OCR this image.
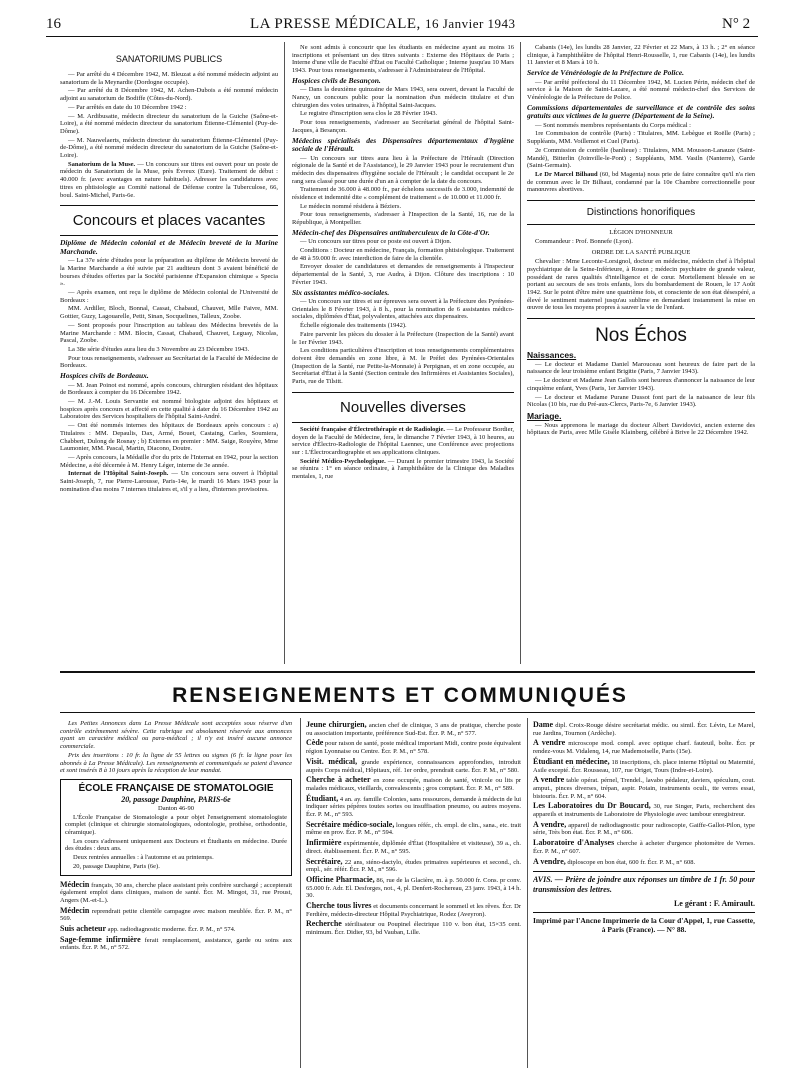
16	LA PRESSE MÉDICALE, 16 Janvier 1943	N° 2
SANATORIUMS PUBLICS

— Par arrêté du 4 Décembre 1942, M. Bleuzat a été nommé médecin adjoint au sanatorium de la Meynardie (Dordogne occupée).

— Par arrêté du 8 Décembre 1942, M. Achen-Dubois a été nommé médecin adjoint au sanatorium de Bodiffe (Côtes-du-Nord).

— Par arrêtés en date du 10 Décembre 1942 :

— M. Ardibusatte, médecin directeur du sanatorium de la Guiche (Saône-et-Loire), a été nommé médecin directeur du sanatorium Étienne-Clémentel (Puy-de-Dôme).

— M. Nauwelaerts, médecin directeur du sanatorium Étienne-Clémentel (Puy-de-Dôme), a été nommé médecin directeur du sanatorium de la Guiche (Saône-et-Loire).

Sanatorium de la Muse. — Un concours sur titres est ouvert pour un poste de médecin du Sanatorium de la Muse, près Évreux (Eure). Traitement de début : 40.000 fr. (avec avantages en nature habituels). Adresser les candidatures avec titres en phtisiologie au Comité national de Défense contre la Tuberculose, 66, boul. Saint-Michel, Paris-6e.

Concours et places vacantes

Diplôme de Médecin colonial et de Médecin breveté de la Marine Marchande.

— La 37e série d'études pour la préparation au diplôme de Médecin breveté de la Marine Marchande a été suivie par 21 auditeurs dont 3 avaient bénéficié de bourses d'études offertes par la Société parisienne d'Expansion chimique « Specia ».

— Après examen, ont reçu le diplôme de Médecin colonial de l'Université de Bordeaux :

MM. Ardiller, Bloch, Bonnal, Cassat, Chabaud, Chauvet, Mlle Faivre, MM. Gottier, Guzy, Lagouarelle, Petit, Sinan, Socquelines, Talleux, Zoobe.

— Sont proposés pour l'inscription au tableau des Médecins brevetés de la Marine Marchande : MM. Blocin, Cassat, Chabaud, Chauvet, Leguay, Nicolas, Pascal, Zoobe.

La 38e série d'études aura lieu du 3 Novembre au 23 Décembre 1943.

Pour tous renseignements, s'adresser au Secrétariat de la Faculté de Médecine de Bordeaux.

Hospices civils de Bordeaux.

— M. Jean Poinot est nommé, après concours, chirurgien résidant des hôpitaux de Bordeaux à compter du 16 Décembre 1942.

— M. J.-M. Louis Servantie est nommé biologiste adjoint des hôpitaux et hospices après concours et affecté en cette qualité à dater du 16 Décembre 1942 au Laboratoire des Services hospitaliers de l'hôpital Saint-André.

— Ont été nommés internes des hôpitaux de Bordeaux après concours : a) Titulaires : MM. Depaulis, Dax, Armé, Bouet, Castaing, Carles, Soumiera, Chabbert, Dulong de Rosnay ; b) Externes en premier : MM. Saige, Rouyère, Mme Laumonier, MM. Pascal, Martin, Diacono, Doutre.

— Après concours, la Médaille d'or du prix de l'Internat en 1942, pour la section Médecine, a été décernée à M. Henry Léger, interne de 3e année.

Internat de l'Hôpital Saint-Joseph. — Un concours sera ouvert à l'hôpital Saint-Joseph, 7, rue Pierre-Larousse, Paris-14e, le mardi 16 Mars 1943 pour la nomination d'au moins 7 internes titulaires et, s'il y a lieu, d'internes provisoires.

Ne sont admis à concourir que les étudiants en médecine ayant au moins 16 inscriptions et présentant un des titres suivants : Externe des Hôpitaux de Paris ; Interne d'une ville de Faculté d'État ou Faculté Catholique ; Interne jusqu'au 10 Mars 1943. Pour tous renseignements, s'adresser à l'Administrateur de l'Hôpital.

Hospices civils de Besançon.

— Dans la deuxième quinzaine de Mars 1943, sera ouvert, devant la Faculté de Nancy, un concours public pour la nomination d'un médecin titulaire et d'un chirurgien des voies urinaires, à l'hôpital Saint-Jacques.

Le registre d'inscription sera clos le 28 Février 1943.

Pour tous renseignements, s'adresser au Secrétariat général de l'hôpital Saint-Jacques, à Besançon.

Médecins spécialisés des Dispensaires départementaux d'hygiène sociale de l'Hérault.

— Un concours sur titres aura lieu à la Préfecture de l'Hérault (Direction régionale de la Santé et de l'Assistance), le 29 Janvier 1943 pour le recrutement d'un médecin des dispensaires d'hygiène sociale de l'Hérault ; le candidat occupant le 2e rang sera classé pour une durée d'un an à compter de la date du concours.

Traitement de 36.000 à 48.000 fr., par échelons successifs de 3.000, indemnité de résidence et indemnité dite « complément de traitement » de 10.000 et 11.000 fr.

Le médecin nommé résidera à Béziers.

Pour tous renseignements, s'adresser à l'Inspection de la Santé, 16, rue de la République, à Montpellier.

Médecin-chef des Dispensaires antituberculeux de la Côte-d'Or.

— Un concours sur titres pour ce poste est ouvert à Dijon.

Conditions : Docteur en médecine, Français, formation phtisiologique. Traitement de 48 à 59.000 fr. avec interdiction de faire de la clientèle.

Envoyer dossier de candidatures et demandes de renseignements à l'Inspecteur départemental de la Santé, 3, rue Audra, à Dijon. Clôture des inscriptions : 10 Février 1943.

Six assistantes médico-sociales.

— Un concours sur titres et sur épreuves sera ouvert à la Préfecture des Pyrénées-Orientales le 8 Février 1943, à 8 h., pour la nomination de 6 assistantes médico-sociales, diplômées d'État, polyvalentes, attachées aux dispensaires.

Échelle régionale des traitements (1942).

Faire parvenir les pièces du dossier à la Préfecture (Inspection de la Santé) avant le 1er Février 1943.

Les conditions particulières d'inscription et tous renseignements complémentaires doivent être demandés en zone libre, à M. le Préfet des Pyrénées-Orientales (Inspection de la Santé, rue Petite-la-Monnaie) à Perpignan, et en zone occupée, au Secrétariat d'État à la Santé (Section centrale des Infirmières et Assistantes Sociales), Paris, rue de Tilsitt.

Nouvelles diverses

Société française d'Électrothérapie et de Radiologie. — Le Professeur Bordier, doyen de la Faculté de Médecine, fera, le dimanche 7 Février 1943, à 10 heures, au service d'Électro-Radiologie de l'hôpital Laennec, une Conférence avec projections sur : L'Électrocardiographie et ses applications cliniques.

Société Médico-Psychologique. — Durant le premier trimestre 1943, la Société se réunira : 1° en séance ordinaire, à l'amphithéâtre de la Clinique des Maladies mentales, 1, rue

Cabanis (14e), les lundis 28 Janvier, 22 Février et 22 Mars, à 13 h. ; 2° en séance clinique, à l'amphithéâtre de l'hôpital Henri-Rousselle, 1, rue Cabanis (14e), les lundis 11 Janvier et 8 Mars à 10 h.

Service de Vénéréologie de la Préfecture de Police.

— Par arrêté préfectoral du 11 Décembre 1942, M. Lucien Périn, médecin chef de service à la Maison de Saint-Lazare, a été nommé médecin-chef des Services de Vénéréologie de la Préfecture de Police.

Commissions départementales de surveillance et de contrôle des soins gratuits aux victimes de la guerre (Département de la Seine).

— Sont nommés membres représentants du Corps médical :

1re Commission de contrôle (Paris) : Titulaires, MM. Lebègue et Roëlle (Paris) ; Suppléants, MM. Voillemot et Cuel (Paris).

2e Commission de contrôle (banlieue) : Titulaires, MM. Mousson-Lanauze (Saint-Mandé), Bitterlin (Joinville-le-Pont) ; Suppléants, MM. Vasiln (Nanterre), Garde (Saint-Germain).

Le Dr Marcel Bilhaud (60, bd Magenta) nous prie de faire connaître qu'il n'a rien de commun avec le Dr Bilhaut, condamné par la 10e Chambre correctionnelle pour manœuvres abortives.

Distinctions honorifiques

LÉGION D'HONNEUR

Commandeur : Prof. Bonnefe (Lyon).

ORDRE DE LA SANTÉ PUBLIQUE

Chevalier : Mme Leconte-Lorsignol, docteur en médecine, médecin chef à l'hôpital psychiatrique de la Seine-Inférieure, à Rouen ; médecin psychiatre de grande valeur, possédant de rares qualités d'intelligence et de cœur. Mortellement blessée en se portant au secours de ses trois enfants, lors du bombardement de Rouen, le 17 Août 1942. Sur le point d'être mère une quatrième fois, et consciente de son état désespéré, a élevé le sentiment maternel jusqu'au sublime en demandant instamment la mise en œuvre de tous les moyens propres à sauver la vie de l'enfant.

Nos Échos

Naissances.

— Le docteur et Madame Daniel Marouceau sont heureux de faire part de la naissance de leur troisième enfant Brigitte (Paris, 7 Janvier 1943).

— Le docteur et Madame Jean Gallois sont heureux d'annoncer la naissance de leur cinquième enfant, Yves (Paris, 1er Janvier 1943).

— Le docteur et Madame Purane Dussot font part de la naissance de leur fils Nicolas (10 bis, rue du Pré-aux-Clercs, Paris-7e, 6 Janvier 1943).

Mariage.

— Nous apprenons le mariage du docteur Albert Davidovici, ancien externe des hôpitaux de Paris, avec Mlle Gisèle Klainberg, célébré à Brive le 22 Décembre 1942.

RENSEIGNEMENTS ET COMMUNIQUÉS

Les Petites Annonces dans La Presse Médicale sont acceptées sous réserve d'un contrôle extrêmement sévère. Cette rubrique est absolument réservée aux annonces ayant un caractère médical ou para-médical ; il n'y est inséré aucune annonce commerciale.

Prix des insertions : 10 fr. la ligne de 55 lettres ou signes (6 fr. la ligne pour les abonnés à La Presse Médicale). Les renseignements et communiqués se paient d'avance et sont insérés 8 à 10 jours après la réception de leur mandat.

ÉCOLE FRANÇAISE DE STOMATOLOGIE

20, passage Dauphine, PARIS-6e

Danton 46-90

L'École Française de Stomatologie a pour objet l'enseignement stomatologiste complet (clinique et chirurgie stomatologiques, odontologie, prothèse, orthodontie, céramique).

Les cours s'adressent uniquement aux Docteurs et Étudiants en médecine. Durée des études : deux ans.

Deux rentrées annuelles : à l'automne et au printemps.

20, passage Dauphine, Paris (6e).

Médecin français, 30 ans, cherche place assistant près confrère surchargé ; accepterait également emploi dans cliniques, maison de santé. Écr. M. Mingot, 31, rue Proust, Angers (M.-et-L.).

Médecin reprendrait petite clientèle campagne avec maison meublée. Écr. P. M., n° 569.

Suis acheteur app. radiodiagnostic moderne. Écr. P. M., n° 574.

Sage-femme infirmière ferait remplacement, assistance, garde ou soins aux enfants. Écr. P. M., n° 572.

Jeune chirurgien, ancien chef de clinique, 3 ans de pratique, cherche poste ou association importante, préférence Sud-Est. Écr. P. M., n° 577.

Cède pour raison de santé, poste médical important Midi, contre poste équivalent région Lyonnaise ou Centre. Écr. P. M., n° 578.

Visit. médical, grande expérience, connaissances approfondies, introduit auprès Corps médical, Hôpitaux, réf. 1er ordre, prendrait carte. Écr. P. M., n° 580.

Cherche à acheter en zone occupée, maison de santé, vinicole ou lits pr malades médicaux, vieillards, convalescents ; gros comptant. Écr. P. M., n° 589.

Étudiant, 4 an. ay. famille Colonies, sans ressources, demande à médecin de lui indiquer séries pépères toutes sortes ou insuffisation pneumo, ou autres moyens. Écr. P. M., n° 593.

Secrétaire médico-sociale, longues référ., ch. empl. de clin., sana., etc. trait même en prov. Écr. P. M., n° 594.

Infirmière expérimentée, diplômée d'État (Hospitalière et visiteuse), 39 a., ch. direct. établissement. Écr. P. M., n° 595.

Secrétaire, 22 ans, sténo-dactylo, études primaires supérieures et second., ch. empl., sér. référ. Écr. P. M., n° 596.

Officine Pharmacie, 86, rue de la Glacière, m. à p. 50.000 fr. Cons. pr conv. 65.000 fr. Adr. El. Desforges, not., 4, pl. Denfert-Rochereau, 23 janv. 1943, à 14 h. 30.

Cherche tous livres et documents concernant le sommeil et les rêves. Écr. Dr Ferdière, médecin-directeur Hôpital Psychiatrique, Rodez (Aveyron).

Recherche stérilisateur ou Poupinel électrique 110 v. bon état, 15×35 cent. minimum. Écr. Didier, 93, bd Vauban, Lille.

Dame dipl. Croix-Rouge désire secrétariat médic. ou simil. Écr. Lévin, Le Marel, rue Jardins, Tournon (Ardèche).

A vendre microscope mod. compl. avec optique charf. fauteuil, boîte. Écr. pr rendez-vous M. Vidalenq, 14, rue Mademoiselle, Paris (15e).

Étudiant en médecine, 18 inscriptions, ch. place interne Hôpital ou Maternité, Asile excepté. Écr. Rousseau, 107, rue Origet, Tours (Indre-et-Loire).

A vendre table opérat. pérnel, Trendel., lavabo pédaleur, daviers, spéculum, cout. amput., pinces diverses, trépan, aspir. Potain, instruments oculi., tte verres essai, bistouris. Écr. P. M., n° 604.

Les Laboratoires du Dr Boucard, 30, rue Singer, Paris, recherchent des appareils et instruments de Laboratoire de Physiologie avec tambour enregistreur.

A vendre, appareil de radiodiagnostic pour radioscopie, Gaiffe-Gallot-Pilon, type série, Très bon état. Écr. P. M., n° 606.

Laboratoire d'Analyses cherche à acheter d'urgence photomètre de Vernes. Écr. P. M., n° 607.

A vendre, diploscope en bon état, 600 fr. Écr. P. M., n° 608.

AVIS. — Prière de joindre aux réponses un timbre de 1 fr. 50 pour transmission des lettres.

Le gérant : F. Amirault.

Imprimé par l'Ancne Imprimerie de la Cour d'Appel, 1, rue Cassette, à Paris (France). — N° 88.
